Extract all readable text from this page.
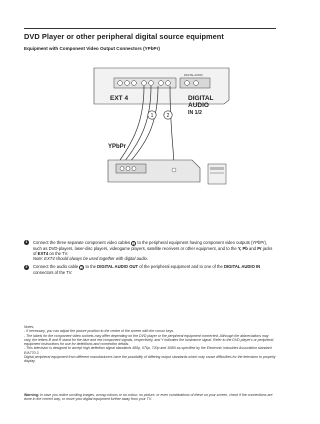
DVD Player or other peripheral digital source equipment
Equipment with Component Video Output Connectors (YPbPr)
DIGITAL AUDIO
EXT 4	DIGITAL
AUDIO
IN 1/2
1	2
YPbPr
1	Connect the three separate component video cables 1 to the peripheral equipment having component video outputs (YPbPr), such as DVD-players, laser-disc players, videogame players, satellite receivers or other equipment, and to the Y, Pb and Pr jacks of EXT4 on the TV.
Note: EXT4 should always be used together with digital audio.
2	Connect the audio cable 2 to the DIGITAL AUDIO OUT of the peripheral equipment and to one of the DIGITAL AUDIO IN connectors of the TV.

Notes:

- If necessary, you can adjust the picture position to the centre of the screen with the cursor keys.

- The labels for the component video sockets may differ depending on the DVD player or the peripheral equipment connected. Although the abbreviations may vary, the letters B and R stand for the blue and red component signals, respectively, and Y indicates the luminance signal. Refer to the DVD player's or peripheral equipment instructions for use for definitions and connection details.

- This television is designed to accept high definition signal standards 480p, 576p, 720p and 1080i as specified by the Electronic Industries Association standard EIA770.3.

Digital peripheral equipment from different manufacturers have the possibility of differing output standards which may cause difficulties for the television to properly display.

Warning: in case you notice scrolling images, wrong colours or no colour, no picture, or even combinations of these on your screen, check if the connections are done in the correct way, or move your digital equipment further away from your TV.
